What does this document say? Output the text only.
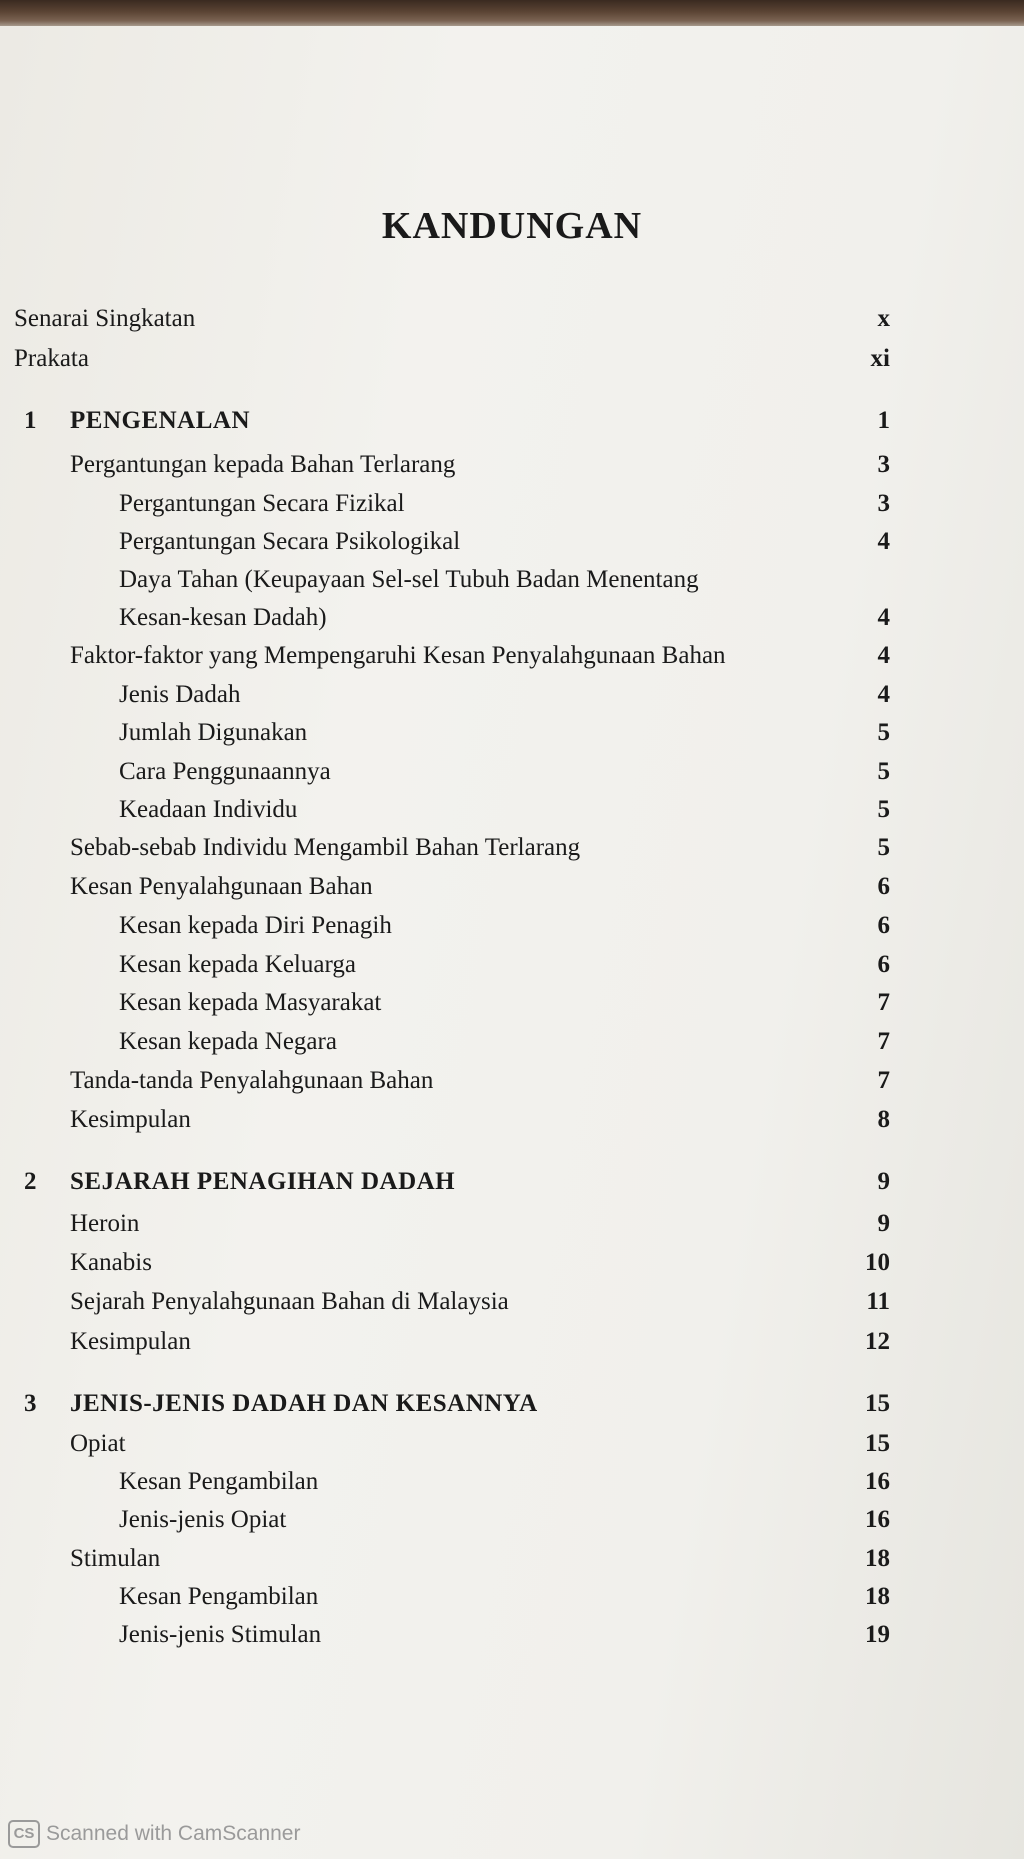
KANDUNGAN
Senarai Singkatan	x
Prakata	xi
1 PENGENALAN	1
Pergantungan kepada Bahan Terlarang	3
Pergantungan Secara Fizikal	3
Pergantungan Secara Psikologikal	4
Daya Tahan (Keupayaan Sel-sel Tubuh Badan Menentang
Kesan-kesan Dadah)	4
Faktor-faktor yang Mempengaruhi Kesan Penyalahgunaan Bahan	4
Jenis Dadah	4
Jumlah Digunakan	5
Cara Penggunaannya	5
Keadaan Individu	5
Sebab-sebab Individu Mengambil Bahan Terlarang	5
Kesan Penyalahgunaan Bahan	6
Kesan kepada Diri Penagih	6
Kesan kepada Keluarga	6
Kesan kepada Masyarakat	7
Kesan kepada Negara	7
Tanda-tanda Penyalahgunaan Bahan	7
Kesimpulan	8
2 SEJARAH PENAGIHAN DADAH	9
Heroin	9
Kanabis	10
Sejarah Penyalahgunaan Bahan di Malaysia	11
Kesimpulan	12
3 JENIS-JENIS DADAH DAN KESANNYA	15
Opiat	15
Kesan Pengambilan	16
Jenis-jenis Opiat	16
Stimulan	18
Kesan Pengambilan	18
Jenis-jenis Stimulan	19
CS Scanned with CamScanner
